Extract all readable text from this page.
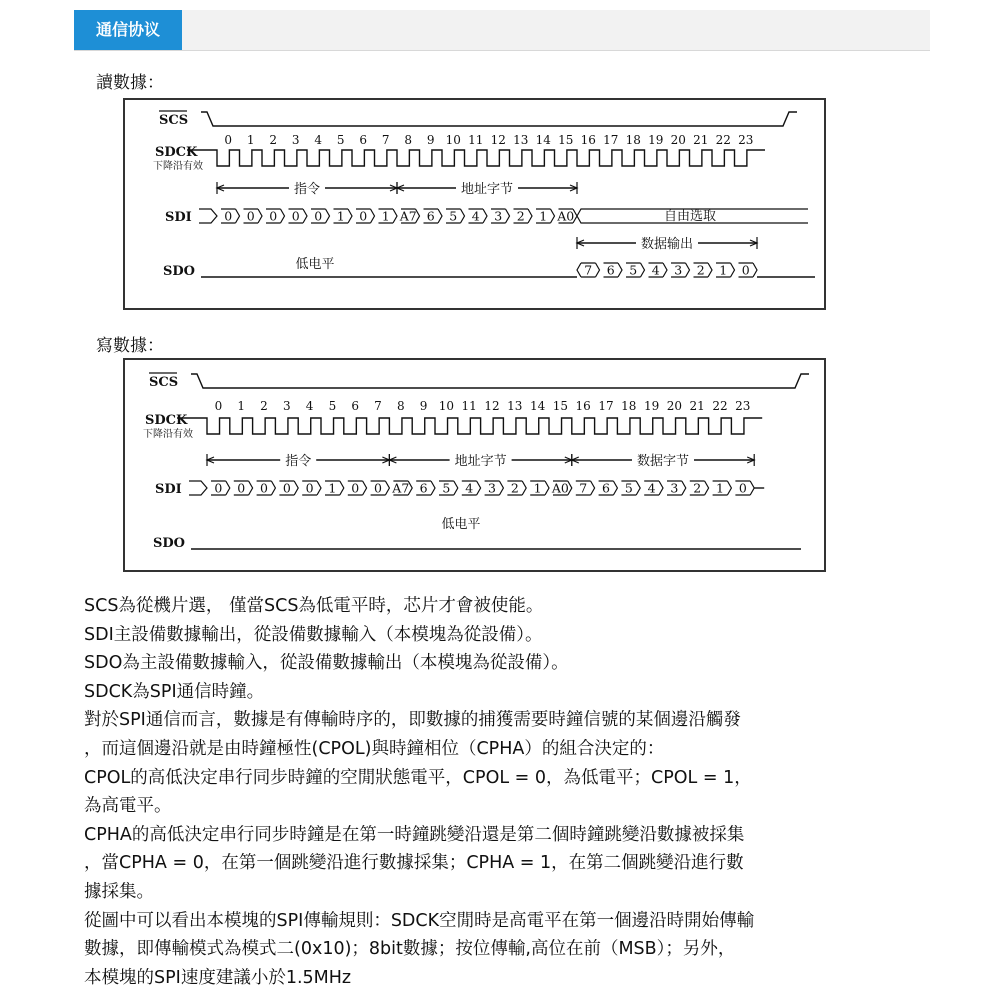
通信协议
讀數據：
SCS
SDCK
下降沿有效
SDI
SDO
0 1 2 3 4 5 6 7 8 9 10 11 12 13 14 15 16 17 18 19 20 21 22 23
0 0 0 0 0 1 0 1 A7 6 5 4 3 2 1 A0	自由选取
指令	地址字节
数据输出
低电平	7 6 5 4 3 2 1 0
寫數據：
SCS
SDCK
下降沿有效
SDI
SDO
0 1 2 3 4 5 6 7 8 9 10 11 12 13 14 15 16 17 18 19 20 21 22 23
0 0 0 0 0 1 0 0 A7 6 5 4 3 2 1 A0 7 6 5 4 3 2 1 0
指令	地址字节	数据字节
低电平

SCS為從機片選， 僅當SCS為低電平時，芯片才會被使能。

SDI主設備數據輸出，從設備數據輸入（本模塊為從設備）。

SDO為主設備數據輸入，從設備數據輸出（本模塊為從設備）。

SDCK為SPI通信時鐘。

對於SPI通信而言，數據是有傳輸時序的，即數據的捕獲需要時鐘信號的某個邊沿觸發

，而這個邊沿就是由時鐘極性(CPOL)與時鐘相位（CPHA）的組合決定的：

CPOL的高低決定串行同步時鐘的空閒狀態電平，CPOL = 0，為低電平；CPOL = 1，

為高電平。

CPHA的高低決定串行同步時鐘是在第一時鐘跳變沿還是第二個時鐘跳變沿數據被採集

，當CPHA = 0，在第一個跳變沿進行數據採集；CPHA = 1，在第二個跳變沿進行數

據採集。

從圖中可以看出本模塊的SPI傳輸規則：SDCK空閒時是高電平在第一個邊沿時開始傳輸

數據，即傳輸模式為模式二(0x10)；8bit數據；按位傳輸,高位在前（MSB）；另外，

本模塊的SPI速度建議小於1.5MHz
